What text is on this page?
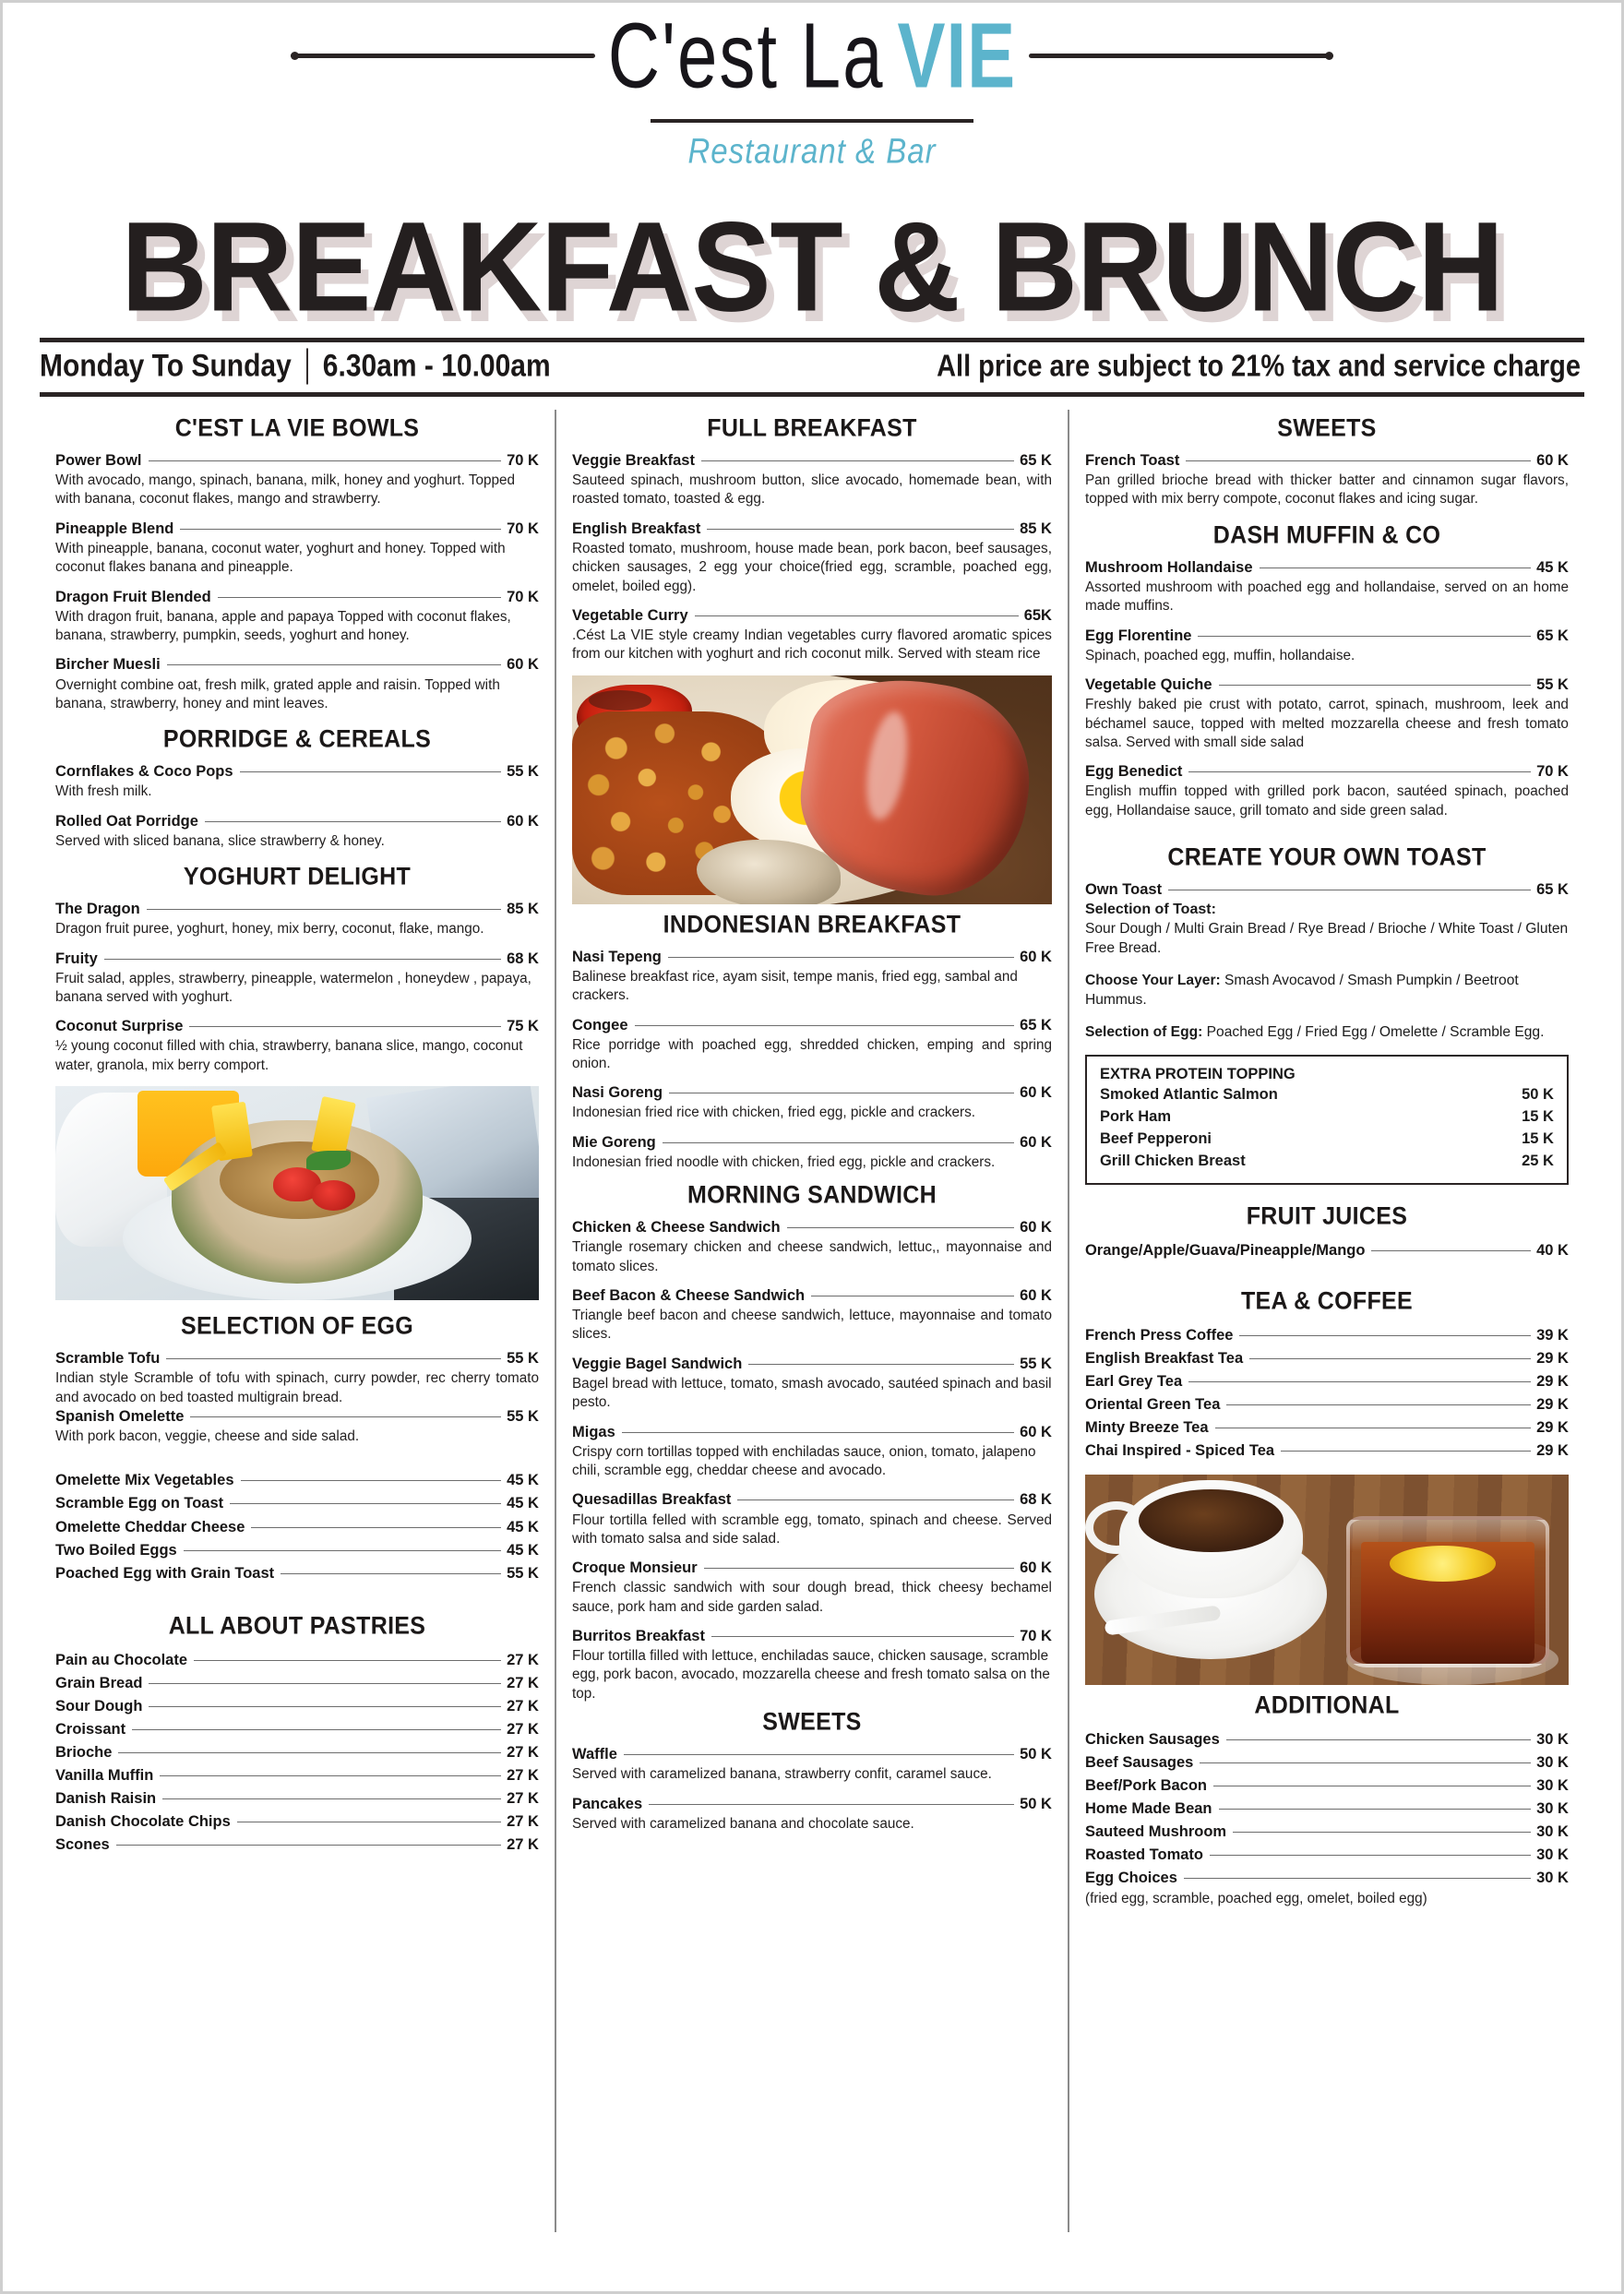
C'est La VIE
Restaurant & Bar
BREAKFAST & BRUNCH
Monday To Sunday 6.30am - 10.00am	All price are subject to 21% tax and service charge
C'EST LA VIE BOWLS
Power Bowl	70 K
With avocado, mango, spinach, banana, milk, honey and yoghurt. Topped with banana, coconut flakes, mango and strawberry.
Pineapple Blend	70 K
With pineapple, banana, coconut water, yoghurt and honey. Topped with coconut flakes banana and pineapple.
Dragon Fruit Blended	70 K
With dragon fruit, banana, apple and papaya Topped with coconut flakes, banana, strawberry, pumpkin, seeds, yoghurt and honey.
Bircher Muesli	60 K
Overnight combine oat, fresh milk, grated apple and raisin. Topped with banana, strawberry, honey and mint leaves.
PORRIDGE & CEREALS
Cornflakes & Coco Pops	55 K
With fresh milk.
Rolled Oat Porridge	60 K
Served with sliced banana, slice strawberry & honey.
YOGHURT DELIGHT
The Dragon	85 K
Dragon fruit puree, yoghurt, honey, mix berry, coconut, flake, mango.
Fruity	68 K
Fruit salad, apples, strawberry, pineapple, watermelon , honeydew , papaya, banana served with yoghurt.
Coconut Surprise	75 K
½ young coconut filled with chia, strawberry, banana slice, mango, coconut water, granola, mix berry comport.
SELECTION OF EGG
Scramble Tofu	55 K
Indian style Scramble of tofu with spinach, curry powder, rec cherry tomato and avocado on bed toasted multigrain bread.
Spanish Omelette	55 K
With pork bacon, veggie, cheese and side salad.
Omelette Mix Vegetables	45 K
Scramble Egg on Toast	45 K
Omelette Cheddar Cheese	45 K
Two Boiled Eggs	45 K
Poached Egg with Grain Toast	55 K
ALL ABOUT PASTRIES
Pain au Chocolate	27 K
Grain Bread	27 K
Sour Dough	27 K
Croissant	27 K
Brioche	27 K
Vanilla Muffin	27 K
Danish Raisin	27 K
Danish Chocolate Chips	27 K
Scones	27 K
FULL BREAKFAST
Veggie Breakfast	65 K
Sauteed spinach, mushroom button, slice avocado, homemade bean, with roasted tomato, toasted & egg.
English Breakfast	85 K
Roasted tomato, mushroom, house made bean, pork bacon, beef sausages, chicken sausages, 2 egg your choice(fried egg, scramble, poached egg, omelet, boiled egg).
Vegetable Curry	65K
.Cést La VIE style creamy Indian vegetables curry flavored aromatic spices from our kitchen with yoghurt and rich coconut milk. Served with steam rice
INDONESIAN BREAKFAST
Nasi Tepeng	60 K
Balinese breakfast rice, ayam sisit, tempe manis, fried egg, sambal and crackers.
Congee	65 K
Rice porridge with poached egg, shredded chicken, emping and spring onion.
Nasi Goreng	60 K
Indonesian fried rice with chicken, fried egg, pickle and crackers.
Mie Goreng	60 K
Indonesian fried noodle with chicken, fried egg, pickle and crackers.
MORNING SANDWICH
Chicken & Cheese Sandwich	60 K
Triangle rosemary chicken and cheese sandwich, lettuc,, mayonnaise and tomato slices.
Beef Bacon & Cheese Sandwich	60 K
Triangle beef bacon and cheese sandwich, lettuce, mayonnaise and tomato slices.
Veggie Bagel Sandwich	55 K
Bagel bread with lettuce, tomato, smash avocado, sautéed spinach and basil pesto.
Migas	60 K
Crispy corn tortillas topped with enchiladas sauce, onion, tomato, jalapeno chili, scramble egg, cheddar cheese and avocado.
Quesadillas Breakfast	68 K
Flour tortilla felled with scramble egg, tomato, spinach and cheese. Served with tomato salsa and side salad.
Croque Monsieur	60 K
French classic sandwich with sour dough bread, thick cheesy bechamel sauce, pork ham and side garden salad.
Burritos Breakfast	70 K
Flour tortilla filled with lettuce, enchiladas sauce, chicken sausage, scramble egg, pork bacon, avocado, mozzarella cheese and fresh tomato salsa on the top.
SWEETS
Waffle	50 K
Served with caramelized banana, strawberry confit, caramel sauce.
Pancakes	50 K
Served with caramelized banana and chocolate sauce.
SWEETS
French Toast	60 K
Pan grilled brioche bread with thicker batter and cinnamon sugar flavors, topped with mix berry compote, coconut flakes and icing sugar.
DASH MUFFIN & CO
Mushroom Hollandaise	45 K
Assorted mushroom with poached egg and hollandaise, served on an home made muffins.
Egg Florentine	65 K
Spinach, poached egg, muffin, hollandaise.
Vegetable Quiche	55 K
Freshly baked pie crust with potato, carrot, spinach, mushroom, leek and béchamel sauce, topped with melted mozzarella cheese and fresh tomato salsa. Served with small side salad
Egg Benedict	70 K
English muffin topped with grilled pork bacon, sautéed spinach, poached egg, Hollandaise sauce, grill tomato and side green salad.
CREATE YOUR OWN TOAST
Own Toast	65 K
Selection of Toast:
Sour Dough / Multi Grain Bread / Rye Bread / Brioche / White Toast / Gluten Free Bread.
Choose Your Layer: Smash Avocavod / Smash Pumpkin / Beetroot Hummus.
Selection of Egg: Poached Egg / Fried Egg / Omelette / Scramble Egg.
EXTRA PROTEIN TOPPING
Smoked Atlantic Salmon	50 K
Pork Ham	15 K
Beef Pepperoni	15 K
Grill Chicken Breast	25 K
FRUIT JUICES
Orange/Apple/Guava/Pineapple/Mango	40 K
TEA & COFFEE
French Press Coffee	39 K
English Breakfast Tea	29 K
Earl Grey Tea	29 K
Oriental Green Tea	29 K
Minty Breeze Tea	29 K
Chai Inspired - Spiced Tea	29 K
ADDITIONAL
Chicken Sausages	30 K
Beef Sausages	30 K
Beef/Pork Bacon	30 K
Home Made Bean	30 K
Sauteed Mushroom	30 K
Roasted Tomato	30 K
Egg Choices	30 K
(fried egg, scramble, poached egg, omelet, boiled egg)
